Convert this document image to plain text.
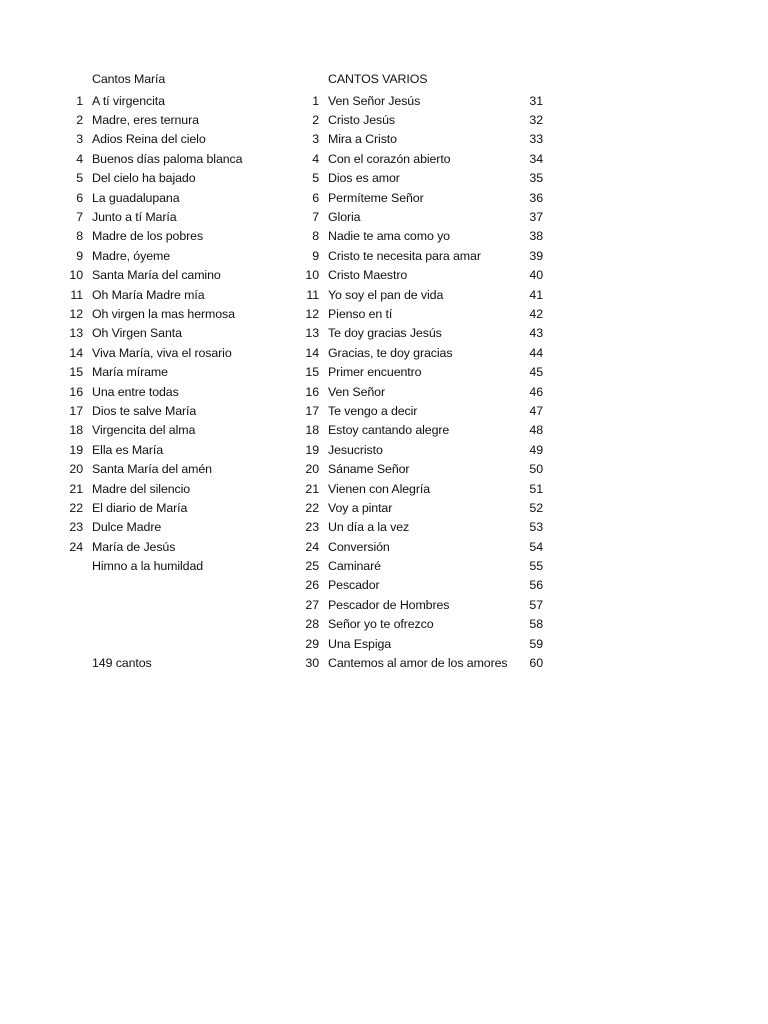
	Cantos María		CANTOS VARIOS	

1	A tí virgencita	1	Ven Señor Jesús	31
2	Madre, eres ternura	2	Cristo Jesús	32
3	Adios Reina del cielo	3	Mira a Cristo	33
4	Buenos días paloma blanca	4	Con el corazón abierto	34
5	Del cielo ha bajado	5	Dios es amor	35
6	La guadalupana	6	Permíteme Señor	36
7	Junto a tí María	7	Gloria	37
8	Madre de los pobres	8	Nadie te ama como yo	38
9	Madre, óyeme	9	Cristo te necesita para amar	39
10	Santa María del camino	10	Cristo Maestro	40
11	Oh María Madre mía	11	Yo soy el pan de vida	41
12	Oh virgen la mas hermosa	12	Pienso en tí	42
13	Oh Virgen Santa	13	Te doy gracias Jesús	43
14	Viva María, viva el rosario	14	Gracias, te doy gracias	44
15	María mírame	15	Primer encuentro	45
16	Una entre todas	16	Ven Señor	46
17	Dios te salve María	17	Te vengo a decir	47
18	Virgencita del alma	18	Estoy cantando alegre	48
19	Ella es María	19	Jesucristo	49
20	Santa María del amén	20	Sáname Señor	50
21	Madre del silencio	21	Vienen con Alegría	51
22	El diario de María	22	Voy a pintar	52
23	Dulce Madre	23	Un día a la vez	53
24	María de Jesús	24	Conversión	54
	Himno a la humildad	25	Caminaré	55
		26	Pescador	56
		27	Pescador de Hombres	57
		28	Señor yo te ofrezco	58
		29	Una Espiga	59
	149 cantos	30	Cantemos al amor de los amores	60
